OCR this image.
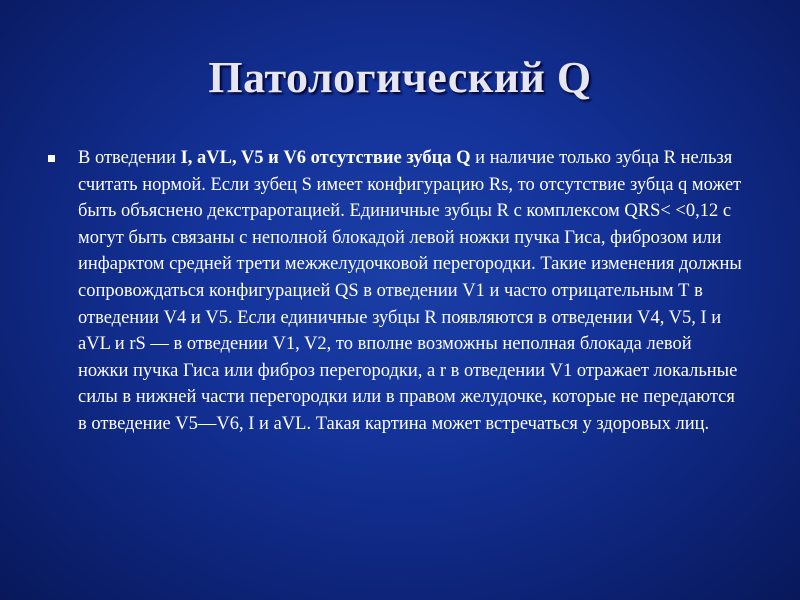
Патологический Q
В отведении I, aVL, V5 и V6 отсутствие зубца Q и наличие только зубца R нельзя считать нормой. Если зубец S имеет конфигурацию Rs, то отсутствие зубца q может быть объяснено декстраротацией. Единичные зубцы R с комплексом QRS< <0,12 с могут быть связаны с неполной блокадой левой ножки пучка Гиса, фиброзом или инфарктом средней трети межжелудочковой перегородки. Такие изменения должны сопровождаться конфигурацией QS в отведении V1 и часто отрицательным Т в отведении V4 и V5. Если единичные зубцы R появляются в отведении V4, V5, I и aVL и rS — в отведении V1, V2, то вполне возможны неполная блокада левой ножки пучка Гиса или фиброз перегородки, а r в отведении V1 отражает локальные силы в нижней части перегородки или в правом желудочке, которые не передаются в отведение V5—V6, I и aVL. Такая картина может встречаться у здоровых лиц.
